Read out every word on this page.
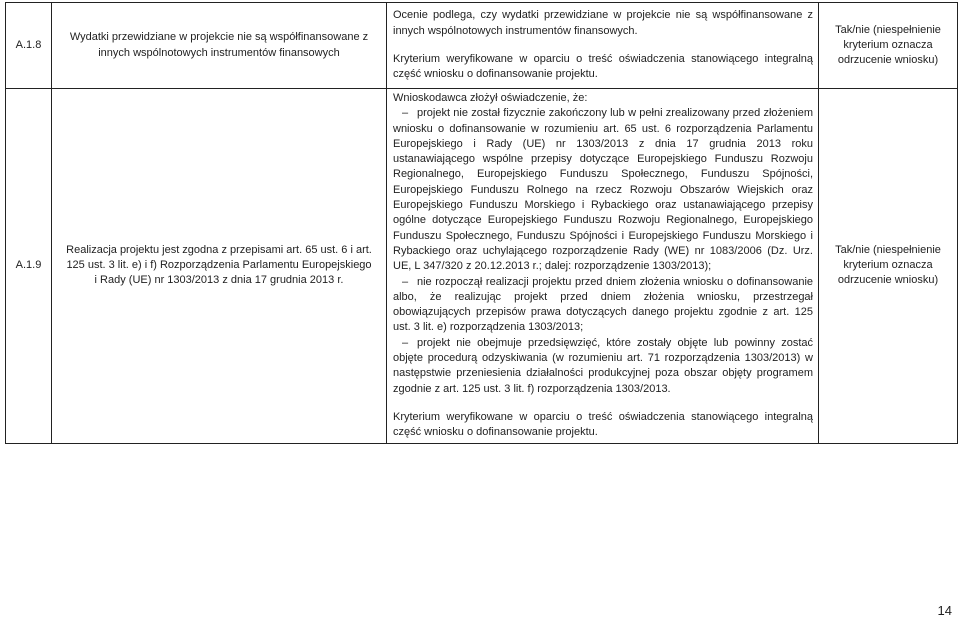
A.1.8	Wydatki przewidziane w projekcie nie są współfinansowane z innych wspólnotowych instrumentów finansowych	Ocenie podlega, czy wydatki przewidziane w projekcie nie są współfinansowane z innych wspólnotowych instrumentów finansowych.

Kryterium weryfikowane w oparciu o treść oświadczenia stanowiącego integralną część wniosku o dofinansowanie projektu.	Tak/nie (niespełnienie kryterium oznacza odrzucenie wniosku)
A.1.9	Realizacja projektu jest zgodna z przepisami art. 65 ust. 6 i art. 125 ust. 3 lit. e) i f) Rozporządzenia Parlamentu Europejskiego i Rady (UE) nr 1303/2013 z dnia 17 grudnia 2013 r.	Wnioskodawca złożył oświadczenie, że:

– projekt nie został fizycznie zakończony lub w pełni zrealizowany przed złożeniem wniosku o dofinansowanie w rozumieniu art. 65 ust. 6 rozporządzenia Parlamentu Europejskiego i Rady (UE) nr 1303/2013 z dnia 17 grudnia 2013 roku ustanawiającego wspólne przepisy dotyczące Europejskiego Funduszu Rozwoju Regionalnego, Europejskiego Funduszu Społecznego, Funduszu Spójności, Europejskiego Funduszu Rolnego na rzecz Rozwoju Obszarów Wiejskich oraz Europejskiego Funduszu Morskiego i Rybackiego oraz ustanawiającego przepisy ogólne dotyczące Europejskiego Funduszu Rozwoju Regionalnego, Europejskiego Funduszu Społecznego, Funduszu Spójności i Europejskiego Funduszu Morskiego i Rybackiego oraz uchylającego rozporządzenie Rady (WE) nr 1083/2006 (Dz. Urz. UE, L 347/320 z 20.12.2013 r.; dalej: rozporządzenie 1303/2013);

– nie rozpoczął realizacji projektu przed dniem złożenia wniosku o dofinansowanie albo, że realizując projekt przed dniem złożenia wniosku, przestrzegał obowiązujących przepisów prawa dotyczących danego projektu zgodnie z art. 125 ust. 3 lit. e) rozporządzenia 1303/2013;

– projekt nie obejmuje przedsięwzięć, które zostały objęte lub powinny zostać objęte procedurą odzyskiwania (w rozumieniu art. 71 rozporządzenia 1303/2013) w następstwie przeniesienia działalności produkcyjnej poza obszar objęty programem zgodnie z art. 125 ust. 3 lit. f) rozporządzenia 1303/2013.

Kryterium weryfikowane w oparciu o treść oświadczenia stanowiącego integralną część wniosku o dofinansowanie projektu.	Tak/nie (niespełnienie kryterium oznacza odrzucenie wniosku)
14
